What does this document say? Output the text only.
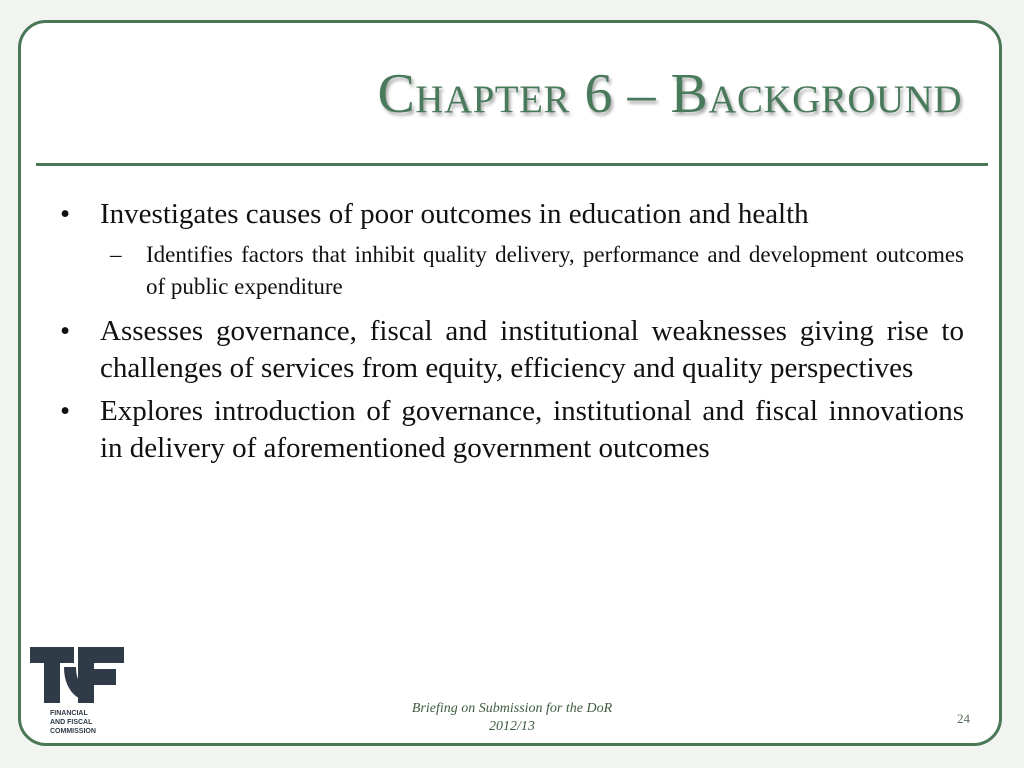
Chapter 6 – Background
• Investigates causes of poor outcomes in education and health
– Identifies factors that inhibit quality delivery, performance and development outcomes of public expenditure
• Assesses governance, fiscal and institutional weaknesses giving rise to challenges of services from equity, efficiency and quality perspectives
• Explores introduction of governance, institutional and fiscal innovations in delivery of aforementioned government outcomes
FINANCIAL
AND FISCAL
COMMISSION
Briefing on Submission for the DoR
2012/13
24
